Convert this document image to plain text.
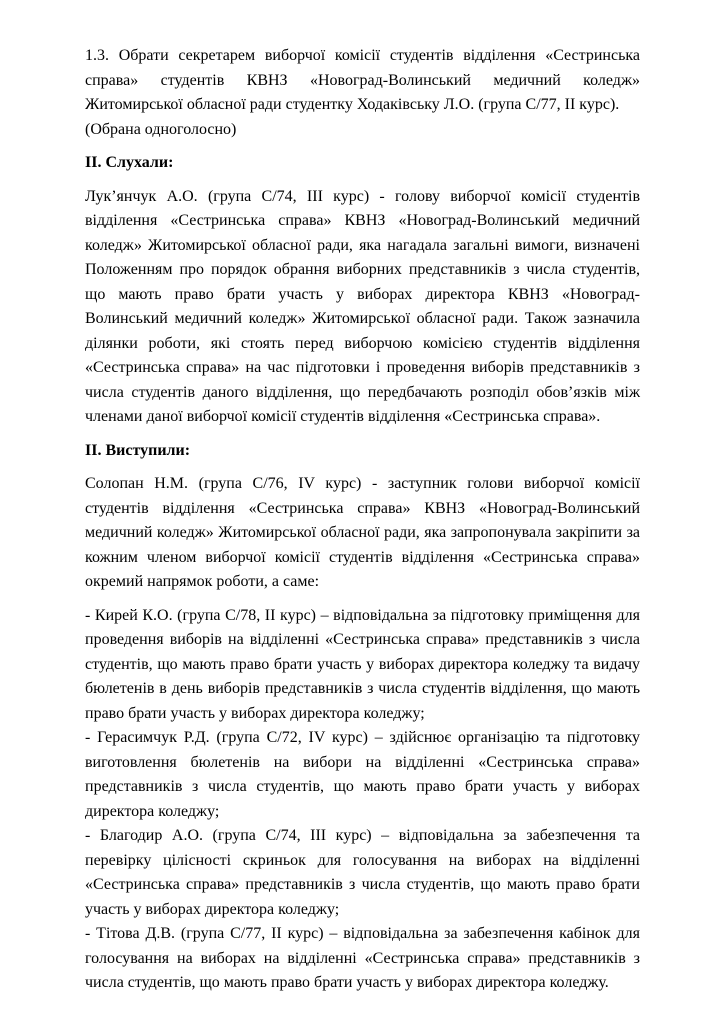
1.3. Обрати секретарем виборчої комісії студентів відділення «Сестринська справа» студентів КВНЗ «Новоград-Волинський медичний коледж» Житомирської обласної ради студентку Ходаківську Л.О. (група С/77, II курс).

(Обрана одноголосно)

II. Слухали:

Лук’янчук А.О. (група С/74, III курс) - голову виборчої комісії студентів відділення «Сестринська справа» КВНЗ «Новоград-Волинський медичний коледж» Житомирської обласної ради, яка нагадала загальні вимоги, визначені Положенням про порядок обрання виборних представників з числа студентів, що мають право брати участь у виборах директора КВНЗ «Новоград-Волинський медичний коледж» Житомирської обласної ради. Також зазначила ділянки роботи, які стоять перед виборчою комісією студентів відділення «Сестринська справа» на час підготовки і проведення виборів представників з числа студентів даного відділення, що передбачають розподіл обов’язків між членами даної виборчої комісії студентів відділення «Сестринська справа».

II. Виступили:

Солопан Н.М. (група С/76, IV курс) - заступник голови виборчої комісії студентів відділення «Сестринська справа» КВНЗ «Новоград-Волинський медичний коледж» Житомирської обласної ради, яка запропонувала закріпити за кожним членом виборчої комісії студентів відділення «Сестринська справа» окремий напрямок роботи, а саме:

- Кирей К.О. (група С/78, II курс) – відповідальна за підготовку приміщення для проведення виборів на відділенні «Сестринська справа» представників з числа студентів, що мають право брати участь у виборах директора коледжу та видачу бюлетенів в день виборів представників з числа студентів відділення, що мають право брати участь у виборах директора коледжу;

- Герасимчук Р.Д. (група С/72, IV курс) – здійснює організацію та підготовку виготовлення бюлетенів на вибори на відділенні «Сестринська справа» представників з числа студентів, що мають право брати участь у виборах директора коледжу;

- Благодир А.О. (група С/74, III курс) – відповідальна за забезпечення та перевірку цілісності скриньок для голосування на виборах на відділенні «Сестринська справа» представників з числа студентів, що мають право брати участь у виборах директора коледжу;

- Тітова Д.В. (група С/77, II курс) – відповідальна за забезпечення кабінок для голосування на виборах на відділенні «Сестринська справа» представників з числа студентів, що мають право брати участь у виборах директора коледжу.
